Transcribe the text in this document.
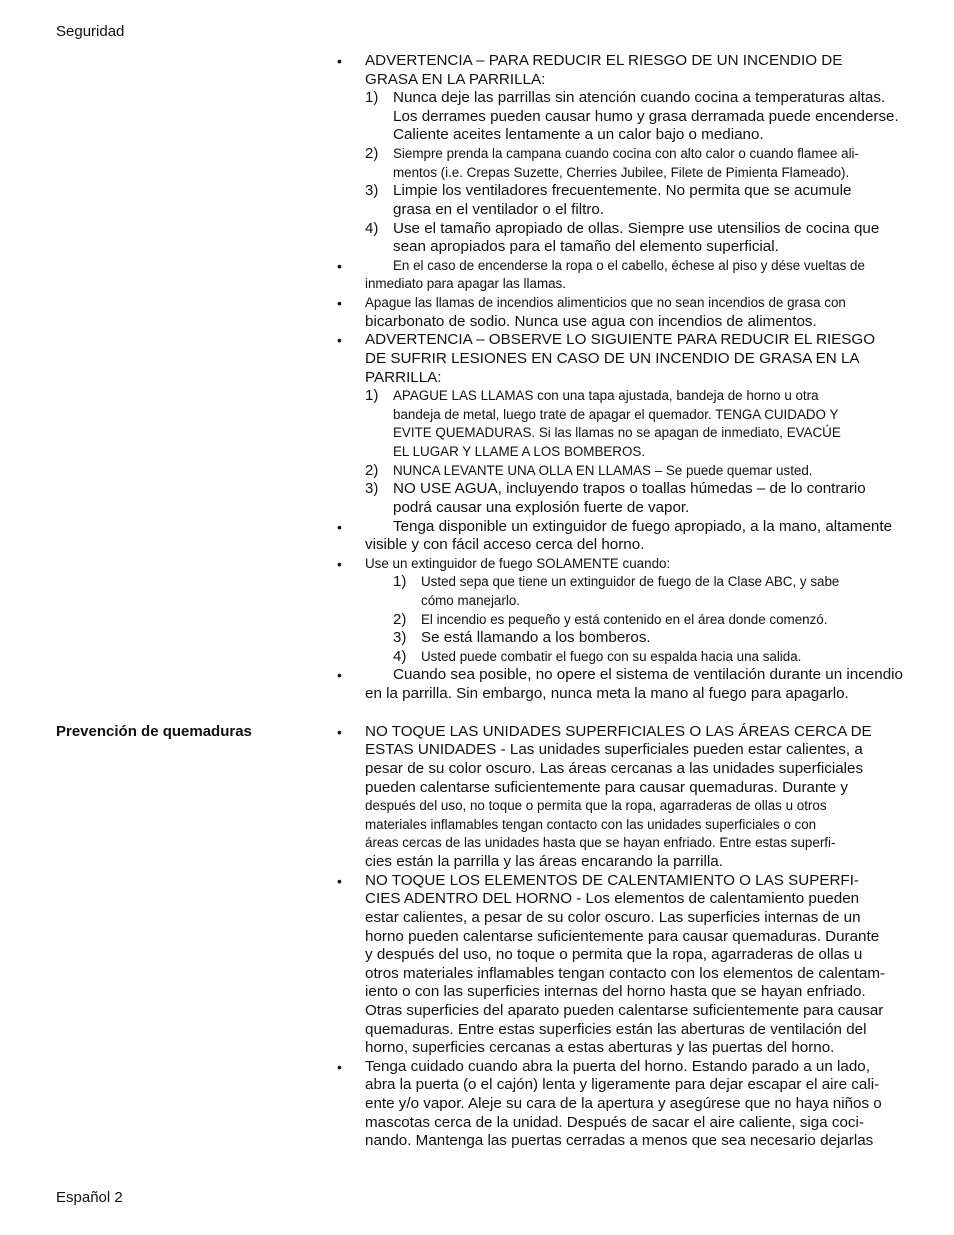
Seguridad
Prevención de quemaduras
ADVERTENCIA – PARA REDUCIR EL RIESGO DE UN INCENDIO DE
•
GRASA EN LA PARRILLA:
Nunca deje las parrillas sin atención cuando cocina a temperaturas altas.
1)
Los derrames pueden causar humo y grasa derramada puede encenderse.
Caliente aceites lentamente a un calor bajo o mediano.
Siempre prenda la campana cuando cocina con alto calor o cuando flamee ali-
2)
mentos (i.e. Crepas Suzette, Cherries Jubilee, Filete de Pimienta Flameado).
Limpie los ventiladores frecuentemente. No permita que se acumule
3)
grasa en el ventilador o el filtro.
Use el tamaño apropiado de ollas. Siempre use utensilios de cocina que
4)
sean apropiados para el tamaño del elemento superficial.
En el caso de encenderse la ropa o el cabello, échese al piso y dése vueltas de
•
inmediato para apagar las llamas.
Apague las llamas de incendios alimenticios que no sean incendios de grasa con
•
bicarbonato de sodio. Nunca use agua con incendios de alimentos.
ADVERTENCIA – OBSERVE LO SIGUIENTE PARA REDUCIR EL RIESGO
•
DE SUFRIR LESIONES EN CASO DE UN INCENDIO DE GRASA EN LA
PARRILLA:
APAGUE LAS LLAMAS con una tapa ajustada, bandeja de horno u otra
1)
bandeja de metal, luego trate de apagar el quemador. TENGA CUIDADO Y
EVITE QUEMADURAS. Si las llamas no se apagan de inmediato, EVACÚE
EL LUGAR Y LLAME A LOS BOMBEROS.
NUNCA LEVANTE UNA OLLA EN LLAMAS – Se puede quemar usted.
2)
NO USE AGUA, incluyendo trapos o toallas húmedas – de lo contrario
3)
podrá causar una explosión fuerte de vapor.
Tenga disponible un extinguidor de fuego apropiado, a la mano, altamente
•
visible y con fácil acceso cerca del horno.
Use un extinguidor de fuego SOLAMENTE cuando:
•
Usted sepa que tiene un extinguidor de fuego de la Clase ABC, y sabe
1)
cómo manejarlo.
El incendio es pequeño y está contenido en el área donde comenzó.
2)
Se está llamando a los bomberos.
3)
Usted puede combatir el fuego con su espalda hacia una salida.
4)
Cuando sea posible, no opere el sistema de ventilación durante un incendio
•
en la parrilla. Sin embargo, nunca meta la mano al fuego para apagarlo.
NO TOQUE LAS UNIDADES SUPERFICIALES O LAS ÁREAS CERCA DE
•
ESTAS UNIDADES - Las unidades superficiales pueden estar calientes, a
pesar de su color oscuro. Las áreas cercanas a las unidades superficiales
pueden calentarse suficientemente para causar quemaduras. Durante y
después del uso, no toque o permita que la ropa, agarraderas de ollas u otros
materiales inflamables tengan contacto con las unidades superficiales o con
áreas cercas de las unidades hasta que se hayan enfriado. Entre estas superfi-
cies están la parrilla y las áreas encarando la parrilla.
NO TOQUE LOS ELEMENTOS DE CALENTAMIENTO O LAS SUPERFI-
•
CIES ADENTRO DEL HORNO - Los elementos de calentamiento pueden
estar calientes, a pesar de su color oscuro. Las superficies internas de un
horno pueden calentarse suficientemente para causar quemaduras. Durante
y después del uso, no toque o permita que la ropa, agarraderas de ollas u
otros materiales inflamables tengan contacto con los elementos de calentam-
iento o con las superficies internas del horno hasta que se hayan enfriado.
Otras superficies del aparato pueden calentarse suficientemente para causar
quemaduras. Entre estas superficies están las aberturas de ventilación del
horno, superficies cercanas a estas aberturas y las puertas del horno.
Tenga cuidado cuando abra la puerta del horno. Estando parado a un lado,
•
abra la puerta (o el cajón) lenta y ligeramente para dejar escapar el aire cali-
ente y/o vapor. Aleje su cara de la apertura y asegúrese que no haya niños o
mascotas cerca de la unidad. Después de sacar el aire caliente, siga coci-
nando. Mantenga las puertas cerradas a menos que sea necesario dejarlas
Español 2
